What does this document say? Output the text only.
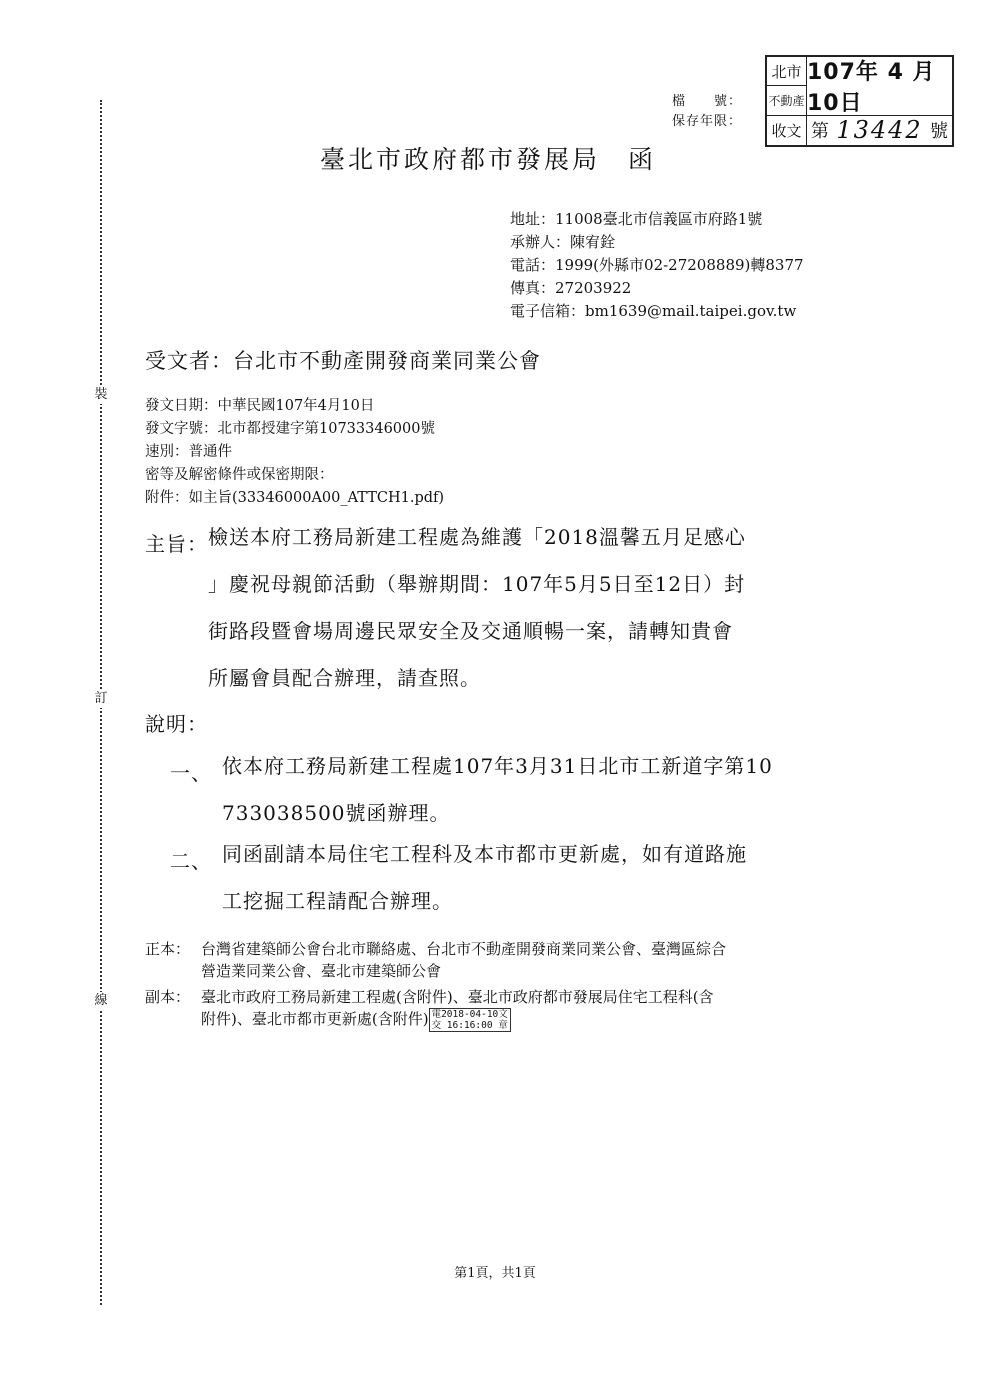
裝
訂
線
檔　　號：
保存年限：
北市 107年 4 月10日
不動產
收文 第 13442 號
臺北市政府都市發展局 函
地址：11008臺北市信義區市府路1號
承辦人：陳宥銓
電話：1999(外縣市02-27208889)轉8377
傳真：27203922
電子信箱：bm1639@mail.taipei.gov.tw
受文者：台北市不動產開發商業同業公會
發文日期：中華民國107年4月10日
發文字號：北市都授建字第10733346000號
速別：普通件
密等及解密條件或保密期限：
附件：如主旨(33346000A00_ATTCH1.pdf)
主旨： 檢送本府工務局新建工程處為維護「2018溫馨五月足感心
」慶祝母親節活動（舉辦期間：107年5月5日至12日）封
街路段暨會場周邊民眾安全及交通順暢一案，請轉知貴會
所屬會員配合辦理，請查照。
說明：
一、 依本府工務局新建工程處107年3月31日北市工新道字第10
733038500號函辦理。
二、 同函副請本局住宅工程科及本市都市更新處，如有道路施
工挖掘工程請配合辦理。
正本： 台灣省建築師公會台北市聯絡處、台北市不動產開發商業同業公會、臺灣區綜合
營造業同業公會、臺北市建築師公會
副本： 臺北市政府工務局新建工程處(含附件)、臺北市政府都市發展局住宅工程科(含
附件)、臺北市都市更新處(含附件) 電2018-04-10文
交 16:16:00 章
第1頁，共1頁
